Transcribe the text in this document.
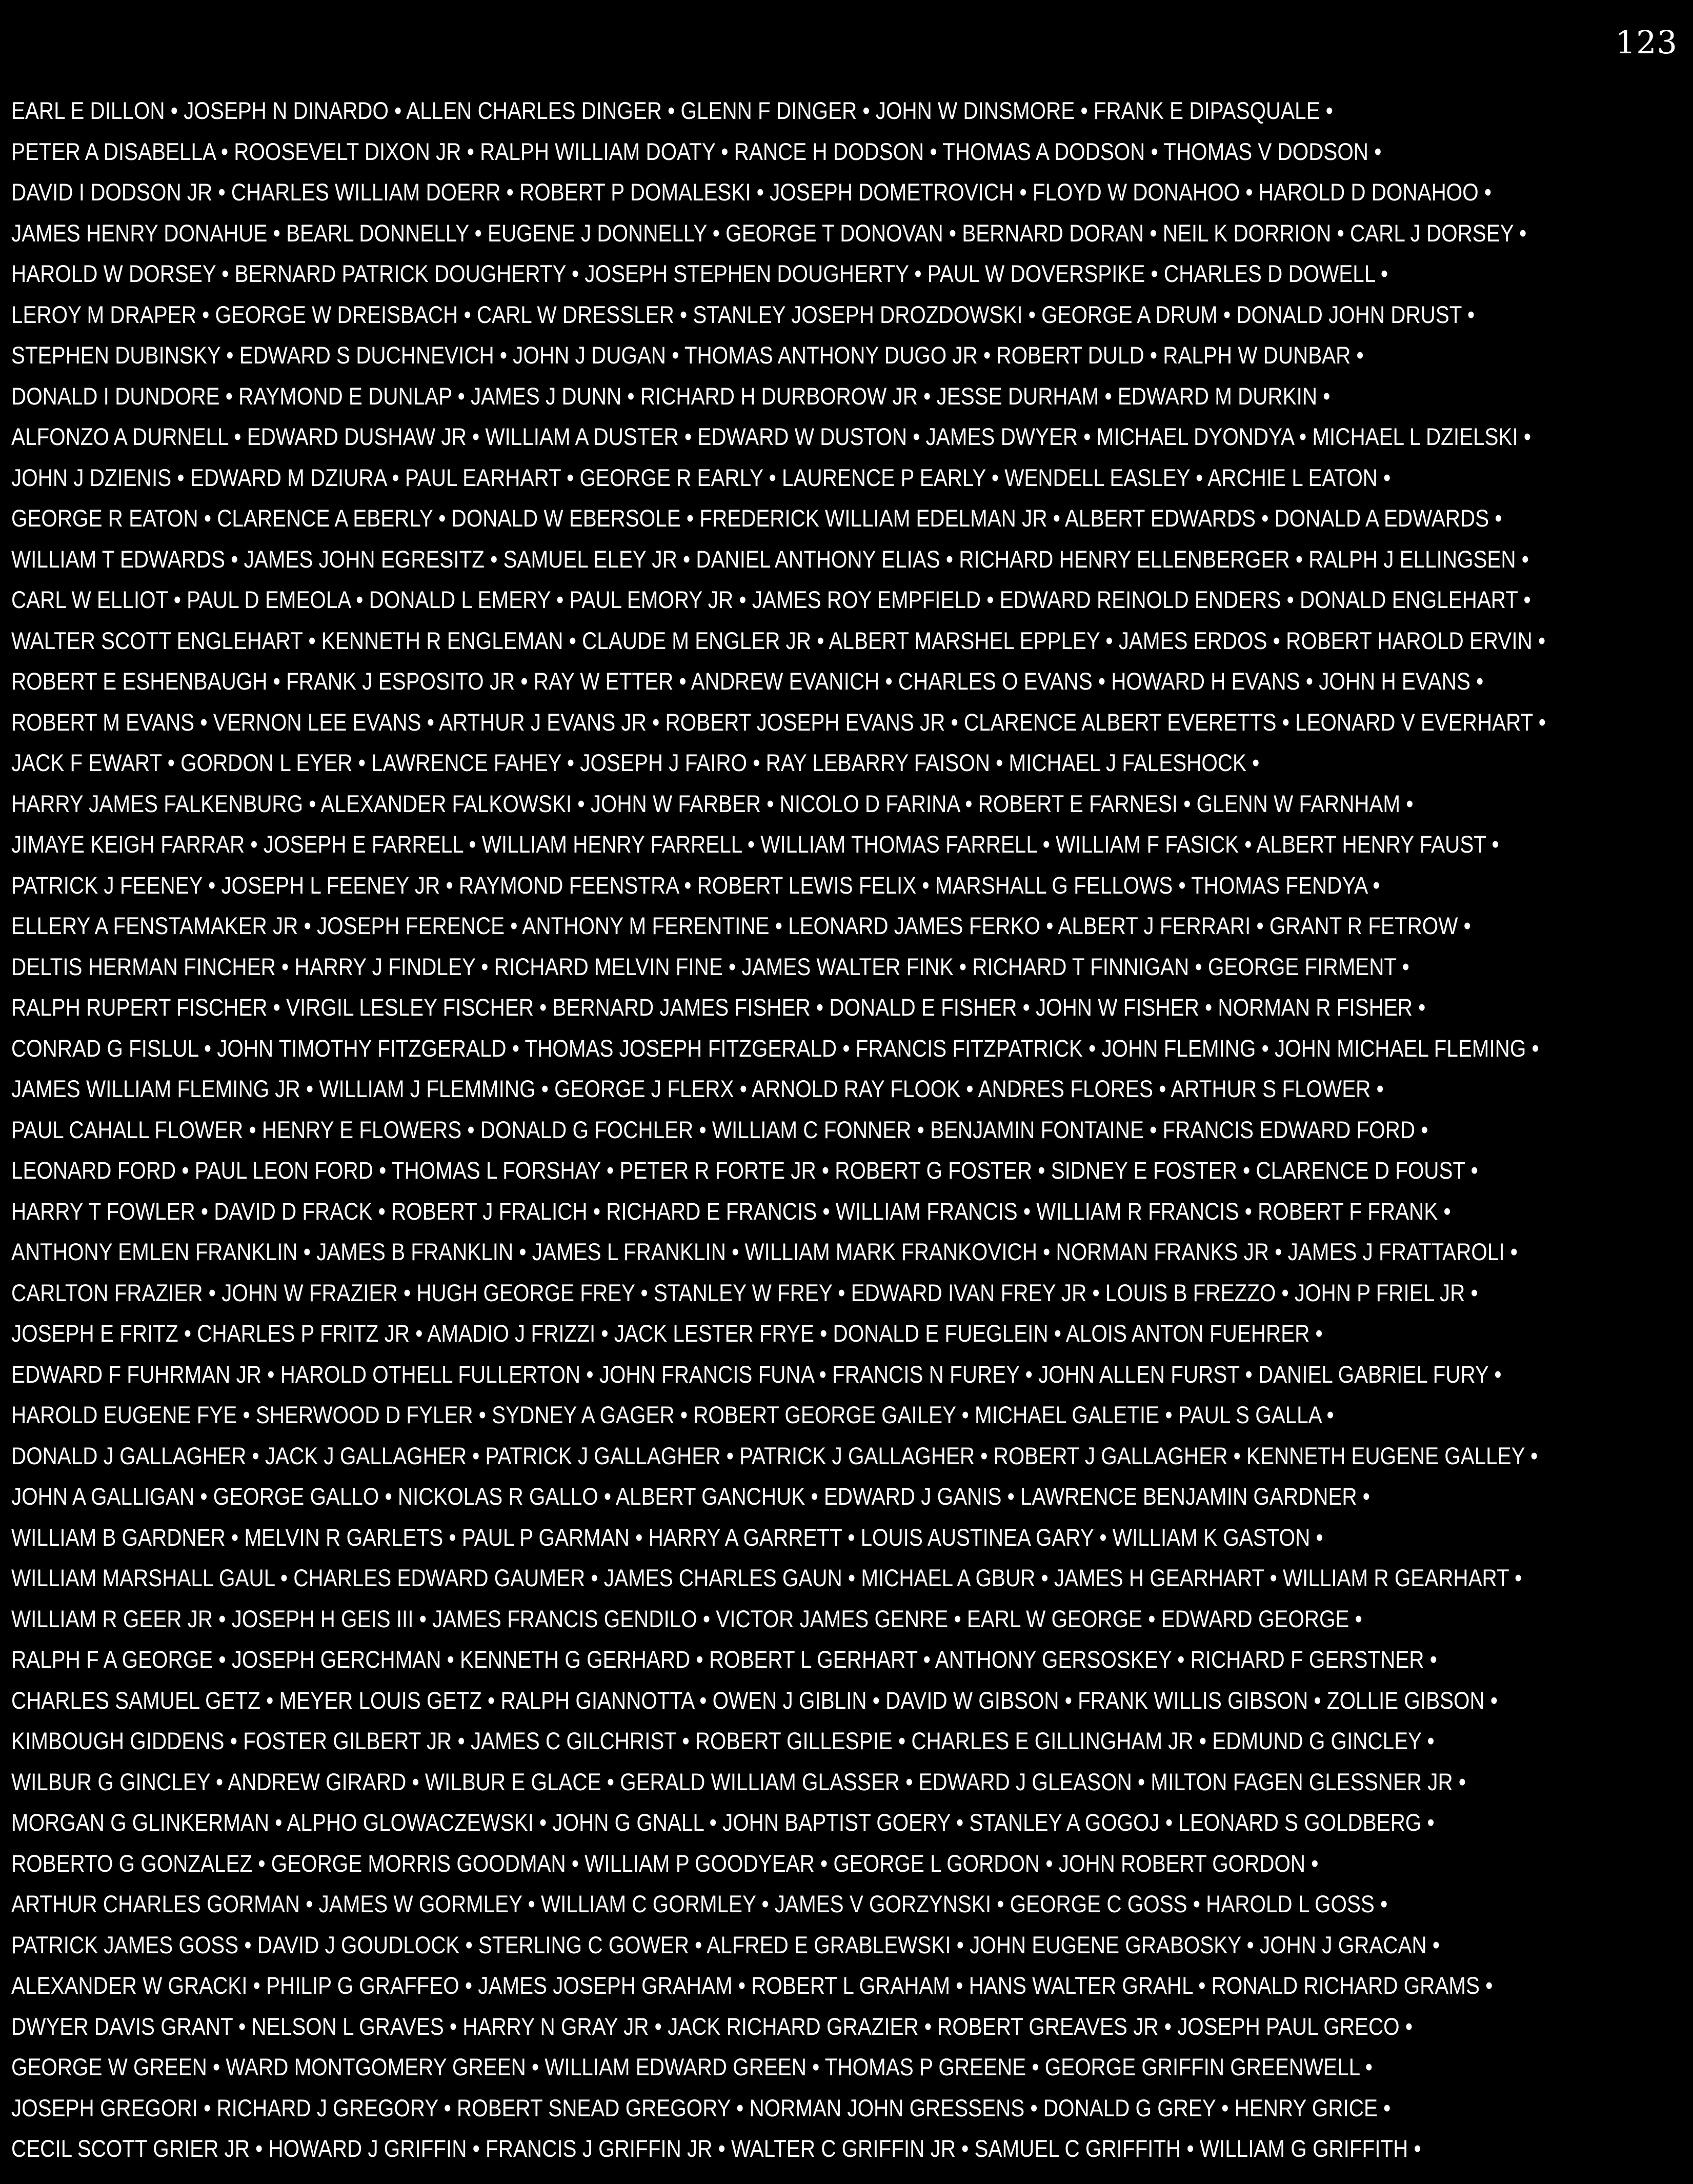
123
EARL E DILLON • JOSEPH N DINARDO • ALLEN CHARLES DINGER • GLENN F DINGER • JOHN W DINSMORE • FRANK E DIPASQUALE •
PETER A DISABELLA • ROOSEVELT DIXON JR • RALPH WILLIAM DOATY • RANCE H DODSON • THOMAS A DODSON • THOMAS V DODSON •
DAVID I DODSON JR • CHARLES WILLIAM DOERR • ROBERT P DOMALESKI • JOSEPH DOMETROVICH • FLOYD W DONAHOO • HAROLD D DONAHOO •
JAMES HENRY DONAHUE • BEARL DONNELLY • EUGENE J DONNELLY • GEORGE T DONOVAN • BERNARD DORAN • NEIL K DORRION • CARL J DORSEY •
HAROLD W DORSEY • BERNARD PATRICK DOUGHERTY • JOSEPH STEPHEN DOUGHERTY • PAUL W DOVERSPIKE • CHARLES D DOWELL •
LEROY M DRAPER • GEORGE W DREISBACH • CARL W DRESSLER • STANLEY JOSEPH DROZDOWSKI • GEORGE A DRUM • DONALD JOHN DRUST •
STEPHEN DUBINSKY • EDWARD S DUCHNEVICH • JOHN J DUGAN • THOMAS ANTHONY DUGO JR • ROBERT DULD • RALPH W DUNBAR •
DONALD I DUNDORE • RAYMOND E DUNLAP • JAMES J DUNN • RICHARD H DURBOROW JR • JESSE DURHAM • EDWARD M DURKIN •
ALFONZO A DURNELL • EDWARD DUSHAW JR • WILLIAM A DUSTER • EDWARD W DUSTON • JAMES DWYER • MICHAEL DYONDYA • MICHAEL L DZIELSKI •
JOHN J DZIENIS • EDWARD M DZIURA • PAUL EARHART • GEORGE R EARLY • LAURENCE P EARLY • WENDELL EASLEY • ARCHIE L EATON •
GEORGE R EATON • CLARENCE A EBERLY • DONALD W EBERSOLE • FREDERICK WILLIAM EDELMAN JR • ALBERT EDWARDS • DONALD A EDWARDS •
WILLIAM T EDWARDS • JAMES JOHN EGRESITZ • SAMUEL ELEY JR • DANIEL ANTHONY ELIAS • RICHARD HENRY ELLENBERGER • RALPH J ELLINGSEN •
CARL W ELLIOT • PAUL D EMEOLA • DONALD L EMERY • PAUL EMORY JR • JAMES ROY EMPFIELD • EDWARD REINOLD ENDERS • DONALD ENGLEHART •
WALTER SCOTT ENGLEHART • KENNETH R ENGLEMAN • CLAUDE M ENGLER JR • ALBERT MARSHEL EPPLEY • JAMES ERDOS • ROBERT HAROLD ERVIN •
ROBERT E ESHENBAUGH • FRANK J ESPOSITO JR • RAY W ETTER • ANDREW EVANICH • CHARLES O EVANS • HOWARD H EVANS • JOHN H EVANS •
ROBERT M EVANS • VERNON LEE EVANS • ARTHUR J EVANS JR • ROBERT JOSEPH EVANS JR • CLARENCE ALBERT EVERETTS • LEONARD V EVERHART •
JACK F EWART • GORDON L EYER • LAWRENCE FAHEY • JOSEPH J FAIRO • RAY LEBARRY FAISON • MICHAEL J FALESHOCK •
HARRY JAMES FALKENBURG • ALEXANDER FALKOWSKI • JOHN W FARBER • NICOLO D FARINA • ROBERT E FARNESI • GLENN W FARNHAM •
JIMAYE KEIGH FARRAR • JOSEPH E FARRELL • WILLIAM HENRY FARRELL • WILLIAM THOMAS FARRELL • WILLIAM F FASICK • ALBERT HENRY FAUST •
PATRICK J FEENEY • JOSEPH L FEENEY JR • RAYMOND FEENSTRA • ROBERT LEWIS FELIX • MARSHALL G FELLOWS • THOMAS FENDYA •
ELLERY A FENSTAMAKER JR • JOSEPH FERENCE • ANTHONY M FERENTINE • LEONARD JAMES FERKO • ALBERT J FERRARI • GRANT R FETROW •
DELTIS HERMAN FINCHER • HARRY J FINDLEY • RICHARD MELVIN FINE • JAMES WALTER FINK • RICHARD T FINNIGAN • GEORGE FIRMENT •
RALPH RUPERT FISCHER • VIRGIL LESLEY FISCHER • BERNARD JAMES FISHER • DONALD E FISHER • JOHN W FISHER • NORMAN R FISHER •
CONRAD G FISLUL • JOHN TIMOTHY FITZGERALD • THOMAS JOSEPH FITZGERALD • FRANCIS FITZPATRICK • JOHN FLEMING • JOHN MICHAEL FLEMING •
JAMES WILLIAM FLEMING JR • WILLIAM J FLEMMING • GEORGE J FLERX • ARNOLD RAY FLOOK • ANDRES FLORES • ARTHUR S FLOWER •
PAUL CAHALL FLOWER • HENRY E FLOWERS • DONALD G FOCHLER • WILLIAM C FONNER • BENJAMIN FONTAINE • FRANCIS EDWARD FORD •
LEONARD FORD • PAUL LEON FORD • THOMAS L FORSHAY • PETER R FORTE JR • ROBERT G FOSTER • SIDNEY E FOSTER • CLARENCE D FOUST •
HARRY T FOWLER • DAVID D FRACK • ROBERT J FRALICH • RICHARD E FRANCIS • WILLIAM FRANCIS • WILLIAM R FRANCIS • ROBERT F FRANK •
ANTHONY EMLEN FRANKLIN • JAMES B FRANKLIN • JAMES L FRANKLIN • WILLIAM MARK FRANKOVICH • NORMAN FRANKS JR • JAMES J FRATTAROLI •
CARLTON FRAZIER • JOHN W FRAZIER • HUGH GEORGE FREY • STANLEY W FREY • EDWARD IVAN FREY JR • LOUIS B FREZZO • JOHN P FRIEL JR •
JOSEPH E FRITZ • CHARLES P FRITZ JR • AMADIO J FRIZZI • JACK LESTER FRYE • DONALD E FUEGLEIN • ALOIS ANTON FUEHRER •
EDWARD F FUHRMAN JR • HAROLD OTHELL FULLERTON • JOHN FRANCIS FUNA • FRANCIS N FUREY • JOHN ALLEN FURST • DANIEL GABRIEL FURY •
HAROLD EUGENE FYE • SHERWOOD D FYLER • SYDNEY A GAGER • ROBERT GEORGE GAILEY • MICHAEL GALETIE • PAUL S GALLA •
DONALD J GALLAGHER • JACK J GALLAGHER • PATRICK J GALLAGHER • PATRICK J GALLAGHER • ROBERT J GALLAGHER • KENNETH EUGENE GALLEY •
JOHN A GALLIGAN • GEORGE GALLO • NICKOLAS R GALLO • ALBERT GANCHUK • EDWARD J GANIS • LAWRENCE BENJAMIN GARDNER •
WILLIAM B GARDNER • MELVIN R GARLETS • PAUL P GARMAN • HARRY A GARRETT • LOUIS AUSTINEA GARY • WILLIAM K GASTON •
WILLIAM MARSHALL GAUL • CHARLES EDWARD GAUMER • JAMES CHARLES GAUN • MICHAEL A GBUR • JAMES H GEARHART • WILLIAM R GEARHART •
WILLIAM R GEER JR • JOSEPH H GEIS III • JAMES FRANCIS GENDILO • VICTOR JAMES GENRE • EARL W GEORGE • EDWARD GEORGE •
RALPH F A GEORGE • JOSEPH GERCHMAN • KENNETH G GERHARD • ROBERT L GERHART • ANTHONY GERSOSKEY • RICHARD F GERSTNER •
CHARLES SAMUEL GETZ • MEYER LOUIS GETZ • RALPH GIANNOTTA • OWEN J GIBLIN • DAVID W GIBSON • FRANK WILLIS GIBSON • ZOLLIE GIBSON •
KIMBOUGH GIDDENS • FOSTER GILBERT JR • JAMES C GILCHRIST • ROBERT GILLESPIE • CHARLES E GILLINGHAM JR • EDMUND G GINCLEY •
WILBUR G GINCLEY • ANDREW GIRARD • WILBUR E GLACE • GERALD WILLIAM GLASSER • EDWARD J GLEASON • MILTON FAGEN GLESSNER JR •
MORGAN G GLINKERMAN • ALPHO GLOWACZEWSKI • JOHN G GNALL • JOHN BAPTIST GOERY • STANLEY A GOGOJ • LEONARD S GOLDBERG •
ROBERTO G GONZALEZ • GEORGE MORRIS GOODMAN • WILLIAM P GOODYEAR • GEORGE L GORDON • JOHN ROBERT GORDON •
ARTHUR CHARLES GORMAN • JAMES W GORMLEY • WILLIAM C GORMLEY • JAMES V GORZYNSKI • GEORGE C GOSS • HAROLD L GOSS •
PATRICK JAMES GOSS • DAVID J GOUDLOCK • STERLING C GOWER • ALFRED E GRABLEWSKI • JOHN EUGENE GRABOSKY • JOHN J GRACAN •
ALEXANDER W GRACKI • PHILIP G GRAFFEO • JAMES JOSEPH GRAHAM • ROBERT L GRAHAM • HANS WALTER GRAHL • RONALD RICHARD GRAMS •
DWYER DAVIS GRANT • NELSON L GRAVES • HARRY N GRAY JR • JACK RICHARD GRAZIER • ROBERT GREAVES JR • JOSEPH PAUL GRECO •
GEORGE W GREEN • WARD MONTGOMERY GREEN • WILLIAM EDWARD GREEN • THOMAS P GREENE • GEORGE GRIFFIN GREENWELL •
JOSEPH GREGORI • RICHARD J GREGORY • ROBERT SNEAD GREGORY • NORMAN JOHN GRESSENS • DONALD G GREY • HENRY GRICE •
CECIL SCOTT GRIER JR • HOWARD J GRIFFIN • FRANCIS J GRIFFIN JR • WALTER C GRIFFIN JR • SAMUEL C GRIFFITH • WILLIAM G GRIFFITH •
